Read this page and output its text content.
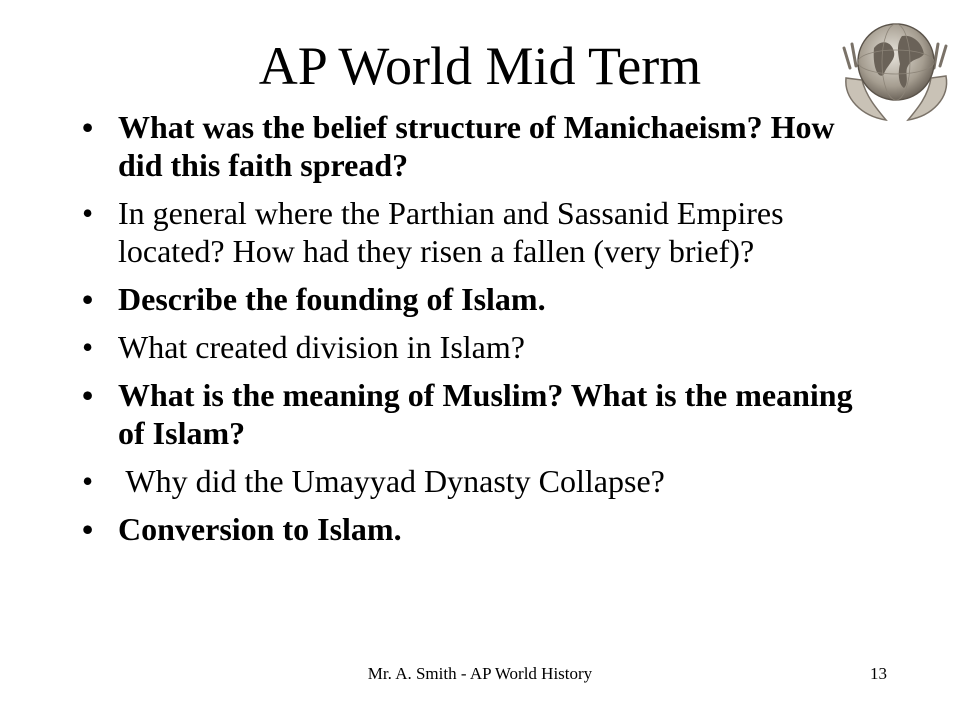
AP World Mid Term
• What was the belief structure of Manichaeism? How did this faith spread?
• In general where the Parthian and Sassanid Empires located? How had they risen a fallen (very brief)?
• Describe the founding of Islam.
• What created division in Islam?
• What is the meaning of Muslim? What is the meaning of Islam?
• Why did the Umayyad Dynasty Collapse?
• Conversion to Islam.
Mr. A. Smith - AP World History	13
